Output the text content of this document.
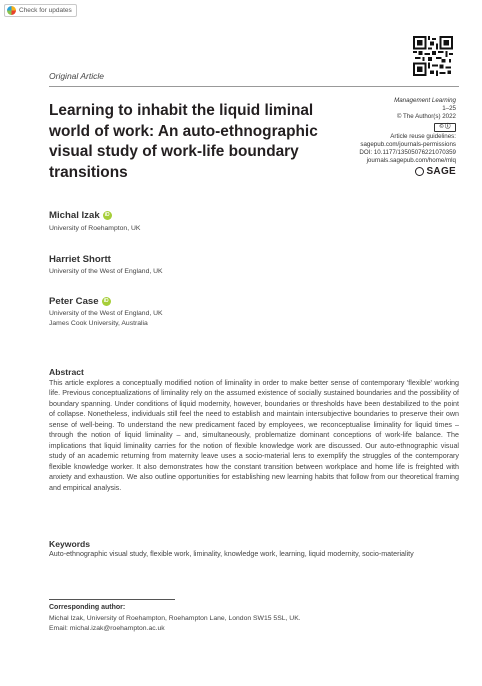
Check for updates
Original Article
Learning to inhabit the liquid liminal world of work: An auto-ethnographic visual study of work-life boundary transitions
Management Learning
1–25
© The Author(s) 2022
© ⓘ
Article reuse guidelines:
sagepub.com/journals-permissions
DOI: 10.1177/13505076221070359
journals.sagepub.com/home/mlq
SAGE
Michal Izak	iD
University of Roehampton, UK
Harriet Shortt
University of the West of England, UK
Peter Case	iD
University of the West of England, UK
James Cook University, Australia
Abstract

This article explores a conceptually modified notion of liminality in order to make better sense of contemporary 'flexible' working life. Previous conceptualizations of liminality rely on the assumed existence of socially sustained boundaries and the possibility of boundary spanning. Under conditions of liquid modernity, however, boundaries or thresholds have been destabilized to the point of collapse. Nonetheless, individuals still feel the need to establish and maintain intersubjective boundaries to preserve their own sense of well-being. To understand the new predicament faced by employees, we reconceptualise liminality for liquid times – through the notion of liquid liminality – and, simultaneously, problematize dominant conceptions of work-life balance. The implications that liquid liminality carries for the notion of flexible knowledge work are discussed. Our auto-ethnographic visual study of an academic returning from maternity leave uses a socio-material lens to exemplify the struggles of the contemporary flexible knowledge worker. It also demonstrates how the constant transition between workplace and home life is freighted with anxiety and exhaustion. We also outline opportunities for establishing new learning habits that follow from our theoretical framing and empirical analysis.

Keywords

Auto-ethnographic visual study, flexible work, liminality, knowledge work, learning, liquid modernity, socio-materiality

Corresponding author:
Michal Izak, University of Roehampton, Roehampton Lane, London SW15 5SL, UK.
Email: michal.izak@roehampton.ac.uk
